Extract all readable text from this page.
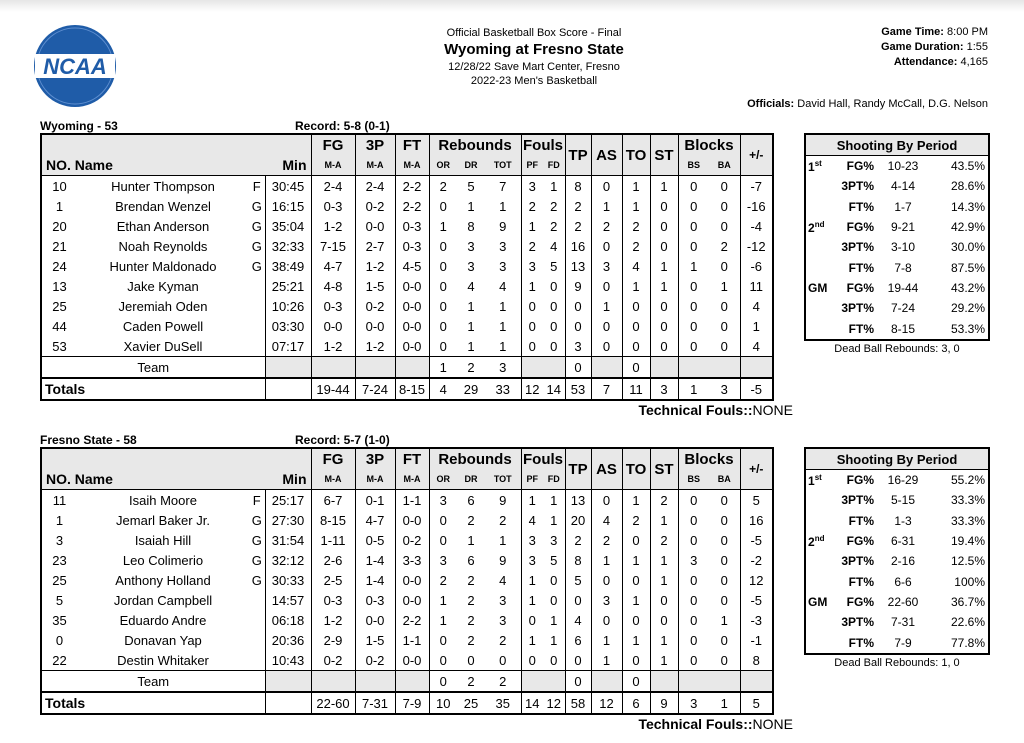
NCAA
Official Basketball Box Score - Final
Wyoming at Fresno State
12/28/22 Save Mart Center, Fresno
2022-23 Men's Basketball
Game Time: 8:00 PM
Game Duration: 1:55
Attendance: 4,165
Officials: David Hall, Randy McCall, D.G. Nelson
Wyoming - 53	Record: 5-8 (0-1)
NO. Name			Min	FG	3P	FT	Rebounds			Fouls		TP	AS	TO	ST	Blocks		+/-
				M-A	M-A	M-A	OR	DR	TOT	PF	FD					BS	BA	
10	Hunter Thompson	F	30:45	2-4	2-4	2-2	2	5	7	3	1	8	0	1	1	0	0	-7
1	Brendan Wenzel	G	16:15	0-3	0-2	2-2	0	1	1	2	2	2	1	1	0	0	0	-16
20	Ethan Anderson	G	35:04	1-2	0-0	0-3	1	8	9	1	2	2	2	2	0	0	0	-4
21	Noah Reynolds	G	32:33	7-15	2-7	0-3	0	3	3	2	4	16	0	2	0	0	2	-12
24	Hunter Maldonado	G	38:49	4-7	1-2	4-5	0	3	3	3	5	13	3	4	1	1	0	-6
13	Jake Kyman		25:21	4-8	1-5	0-0	0	4	4	1	0	9	0	1	1	0	1	11
25	Jeremiah Oden		10:26	0-3	0-2	0-0	0	1	1	0	0	0	1	0	0	0	0	4
44	Caden Powell		03:30	0-0	0-0	0-0	0	1	1	0	0	0	0	0	0	0	0	1
53	Xavier DuSell		07:17	1-2	1-2	0-0	0	1	1	0	0	3	0	0	0	0	0	4
Team							1	2	3			0		0				
Totals				19-44	7-24	8-15	4	29	33	12	14	53	7	11	3	1	3	-5
Technical Fouls::NONE
Shooting By Period			
1st	FG%	10-23	43.5%
	3PT%	4-14	28.6%
	FT%	1-7	14.3%
2nd	FG%	9-21	42.9%
	3PT%	3-10	30.0%
	FT%	7-8	87.5%
GM	FG%	19-44	43.2%
	3PT%	7-24	29.2%
	FT%	8-15	53.3%
Dead Ball Rebounds: 3, 0
Fresno State - 58	Record: 5-7 (1-0)
NO. Name			Min	FG	3P	FT	Rebounds			Fouls		TP	AS	TO	ST	Blocks		+/-
				M-A	M-A	M-A	OR	DR	TOT	PF	FD					BS	BA	
11	Isaih Moore	F	25:17	6-7	0-1	1-1	3	6	9	1	1	13	0	1	2	0	0	5
1	Jemarl Baker Jr.	G	27:30	8-15	4-7	0-0	0	2	2	4	1	20	4	2	1	0	0	16
3	Isaiah Hill	G	31:54	1-11	0-5	0-2	0	1	1	3	3	2	2	0	2	0	0	-5
23	Leo Colimerio	G	32:12	2-6	1-4	3-3	3	6	9	3	5	8	1	1	1	3	0	-2
25	Anthony Holland	G	30:33	2-5	1-4	0-0	2	2	4	1	0	5	0	0	1	0	0	12
5	Jordan Campbell		14:57	0-3	0-3	0-0	1	2	3	1	0	0	3	1	0	0	0	-5
35	Eduardo Andre		06:18	1-2	0-0	2-2	1	2	3	0	1	4	0	0	0	0	1	-3
0	Donavan Yap		20:36	2-9	1-5	1-1	0	2	2	1	1	6	1	1	1	0	0	-1
22	Destin Whitaker		10:43	0-2	0-2	0-0	0	0	0	0	0	0	1	0	1	0	0	8
Team							0	2	2			0		0				
Totals				22-60	7-31	7-9	10	25	35	14	12	58	12	6	9	3	1	5
Technical Fouls::NONE
Shooting By Period			
1st	FG%	16-29	55.2%
	3PT%	5-15	33.3%
	FT%	1-3	33.3%
2nd	FG%	6-31	19.4%
	3PT%	2-16	12.5%
	FT%	6-6	100%
GM	FG%	22-60	36.7%
	3PT%	7-31	22.6%
	FT%	7-9	77.8%
Dead Ball Rebounds: 1, 0
